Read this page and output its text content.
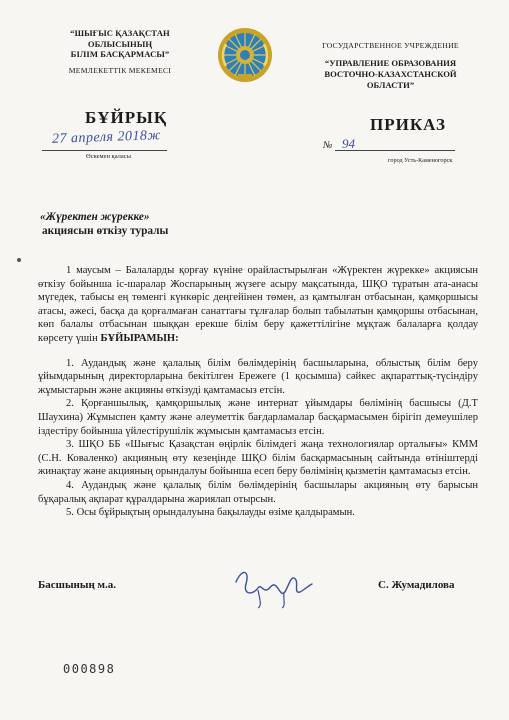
“ШЫҒЫС ҚАЗАҚСТАН
ОБЛЫСЫНЫҢ
БІЛІМ БАСҚАРМАСЫ”
МЕМЛЕКЕТТІК МЕКЕМЕСІ
ГОСУДАРСТВЕННОЕ УЧРЕЖДЕНИЕ
“УПРАВЛЕНИЕ ОБРАЗОВАНИЯ
ВОСТОЧНО-КАЗАХСТАНСКОЙ
ОБЛАСТИ”
БҰЙРЫҚ	ПРИКАЗ
27 апреля 2018ж
Өскемен қаласы
№ 94
город Усть-Каменогорск
«Жүректен жүрекке»
акциясын өткізу туралы

1 маусым – Балаларды қорғау күніне орайластырылған «Жүректен жүрекке» акциясын өткізу бойынша іс-шаралар Жоспарының жүзеге асыру мақсатында, ШҚО тұратын ата-анасы мүгедек, табысы ең төменгі күнкөріс деңгейінен төмен, аз қамтылған отбасынан, қамқоршысы атасы, әжесі, басқа да қорғалмаған санаттағы тұлғалар болып табылатын қамқоршы отбасынан, көп балалы отбасынан шыққан ерекше білім беру қажеттілігіне мұқтаж балаларға қолдау көрсету үшін БҰЙЫРАМЫН:

1. Аудандық және қалалық білім бөлімдерінің басшыларына, облыстық білім беру ұйымдарының директорларына бекітілген Ережеге (1 қосымша) сәйкес ақпараттық-түсіндіру жұмыстарын және акцияны өткізуді қамтамасыз етсін.

2. Қорғаншылық, қамқоршылық және интернат ұйымдары бөлімінің басшысы (Д.Т Шаухина) Жұмыспен қамту және әлеуметтік бағдарламалар басқармасымен бірігіп демеушілер іздестіру бойынша үйлестірушілік жұмысын қамтамасыз етсін.

3. ШҚО ББ «Шығыс Қазақстан өңірлік білімдегі жаңа технологиялар орталығы» КММ (С.Н. Коваленко) акцияның өту кезеңінде ШҚО білім басқармасының сайтында өтініштерді жинақтау және акцияның орындалуы бойынша есеп беру бөлімінің қызметін қамтамасыз етсін.

4. Аудандық және қалалық білім бөлімдерінің басшылары акцияның өту барысын бұқаралық ақпарат құралдарына жариялап отырсын.

5. Осы бұйрықтың орындалуына бақылауды өзіме қалдырамын.

Басшының м.а.	С. Жумадилова
000898
